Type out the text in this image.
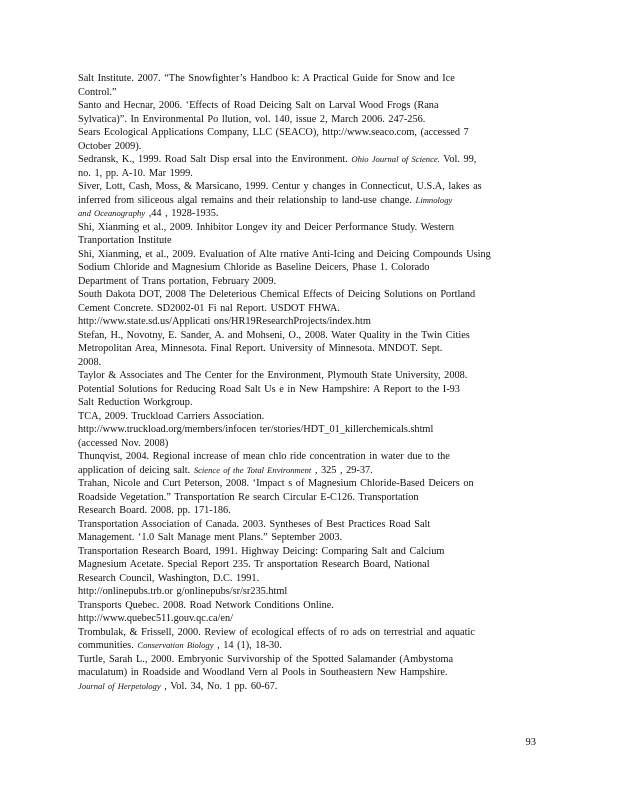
Salt Institute. 2007. “The Snowfighter’s Handboo k: A Practical Guide for Snow and Ice
Control.”

Santo and Hecnar, 2006. ‘Effects of Road Deicing Salt on Larval Wood Frogs (Rana
Sylvatica)”. In Environmental Po llution, vol. 140, issue 2, March 2006. 247-256.

Sears Ecological Applications Company, LLC (SEACO), http://www.seaco.com, (accessed 7
October 2009).

Sedransk, K., 1999. Road Salt Disp ersal into the Environment. Ohio Journal of Science. Vol. 99,
no. 1, pp. A-10. Mar 1999.

Siver, Lott, Cash, Moss, & Marsicano, 1999. Centur y changes in Connecticut, U.S.A, lakes as
inferred from siliceous algal remains and their relationship to land-use change. Limnology
and Oceanography ,44 , 1928-1935.

Shi, Xianming et al., 2009. Inhibitor Longev ity and Deicer Performance Study. Western
Tranportation Institute

Shi, Xianming, et al., 2009. Evaluation of Alte rnative Anti-Icing and Deicing Compounds Using
Sodium Chloride and Magnesium Chloride as Baseline Deicers, Phase 1. Colorado
Department of Trans portation, February 2009.

South Dakota DOT, 2008 The Deleterious Chemical Effects of Deicing Solutions on Portland
Cement Concrete. SD2002-01 Fi nal Report. USDOT FHWA.
http://www.state.sd.us/Applicati ons/HR19ResearchProjects/index.htm

Stefan, H., Novotny, E. Sander, A. and Mohseni, O., 2008. Water Quality in the Twin Cities
Metropolitan Area, Minnesota. Final Report. University of Minnesota. MNDOT. Sept.
2008.

Taylor & Associates and The Center for the Environment, Plymouth State University, 2008.
Potential Solutions for Reducing Road Salt Us e in New Hampshire: A Report to the I-93
Salt Reduction Workgroup.

TCA, 2009. Truckload Carriers Association.
http://www.truckload.org/members/infocen ter/stories/HDT_01_killerchemicals.shtml
(accessed Nov. 2008)

Thunqvist, 2004. Regional increase of mean chlo ride concentration in water due to the
application of deicing salt. Science of the Total Environment , 325 , 29-37.

Trahan, Nicole and Curt Peterson, 2008. ‘Impact s of Magnesium Chloride-Based Deicers on
Roadside Vegetation.” Transportation Re search Circular E-C126. Transportation
Research Board. 2008. pp. 171-186.

Transportation Association of Canada. 2003. Syntheses of Best Practices Road Salt
Management. ‘1.0 Salt Manage ment Plans.” September 2003.

Transportation Research Board, 1991. Highway Deicing: Comparing Salt and Calcium
Magnesium Acetate. Special Report 235. Tr ansportation Research Board, National
Research Council, Washington, D.C. 1991.
http://onlinepubs.trb.or g/onlinepubs/sr/sr235.html

Transports Quebec. 2008. Road Network Conditions Online.
http://www.quebec511.gouv.qc.ca/en/

Trombulak, & Frissell, 2000. Review of ecological effects of ro ads on terrestrial and aquatic
communities. Conservation Biology , 14 (1), 18-30.

Turtle, Sarah L., 2000. Embryonic Survivorship of the Spotted Salamander (Ambystoma
maculatum) in Roadside and Woodland Vern al Pools in Southeastern New Hampshire.
Journal of Herpetology , Vol. 34, No. 1 pp. 60-67.

93
